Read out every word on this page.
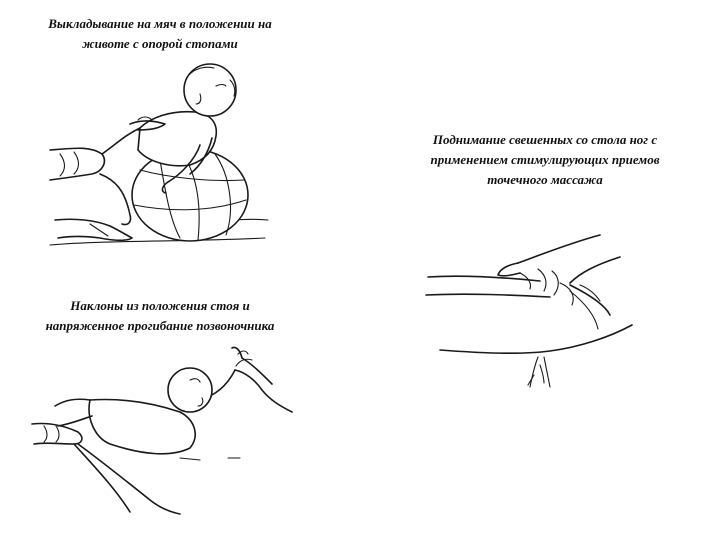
Выкладывание на мяч в положении на
животе с опорой стопами
Поднимание свешенных со стола ног с
применением стимулирующих приемов
точечного массажа
Наклоны из положения стоя и
напряженное прогибание позвоночника
